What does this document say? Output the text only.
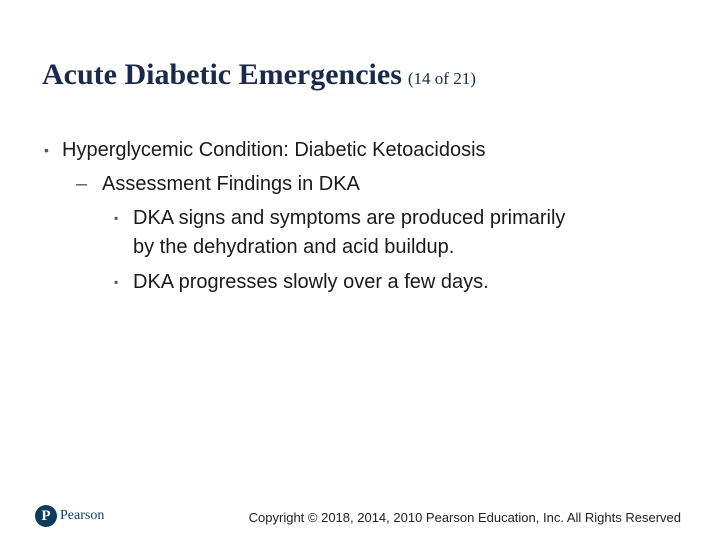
Acute Diabetic Emergencies (14 of 21)
• Hyperglycemic Condition: Diabetic Ketoacidosis
– Assessment Findings in DKA
▪ DKA signs and symptoms are produced primarily
by the dehydration and acid buildup.
▪ DKA progresses slowly over a few days.
P Pearson	Copyright © 2018, 2014, 2010 Pearson Education, Inc. All Rights Reserved
